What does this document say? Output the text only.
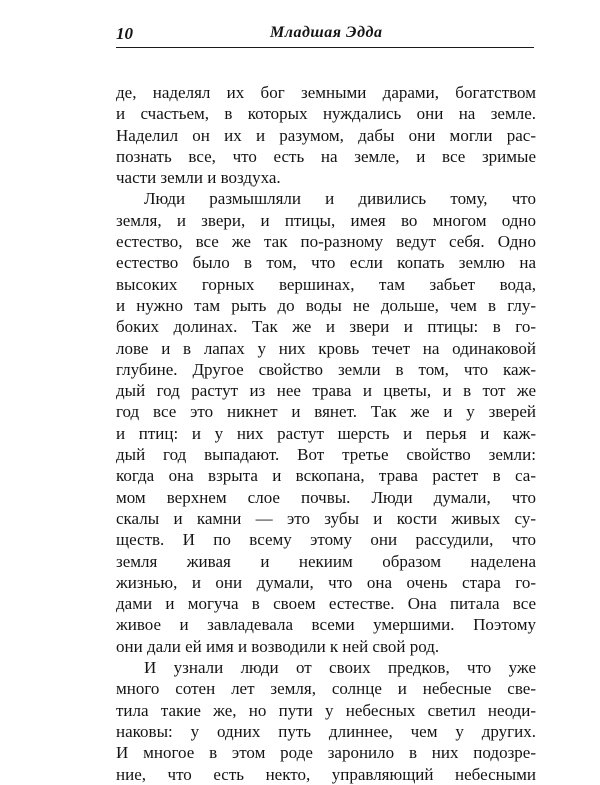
10	Младшая Эдда
де, наделял их бог земными дарами, богатством
и счастьем, в которых нуждались они на земле.
Наделил он их и разумом, дабы они могли рас-
познать все, что есть на земле, и все зримые
части земли и воздуха.
Люди размышляли и дивились тому, что
земля, и звери, и птицы, имея во многом одно
естество, все же так по-разному ведут себя. Одно
естество было в том, что если копать землю на
высоких горных вершинах, там забьет вода,
и нужно там рыть до воды не дольше, чем в глу-
боких долинах. Так же и звери и птицы: в го-
лове и в лапах у них кровь течет на одинаковой
глубине. Другое свойство земли в том, что каж-
дый год растут из нее трава и цветы, и в тот же
год все это никнет и вянет. Так же и у зверей
и птиц: и у них растут шерсть и перья и каж-
дый год выпадают. Вот третье свойство земли:
когда она взрыта и вскопана, трава растет в са-
мом верхнем слое почвы. Люди думали, что
скалы и камни — это зубы и кости живых су-
ществ. И по всему этому они рассудили, что
земля живая и некиим образом наделена
жизнью, и они думали, что она очень стара го-
дами и могуча в своем естестве. Она питала все
живое и завладевала всеми умершими. Поэтому
они дали ей имя и возводили к ней свой род.
И узнали люди от своих предков, что уже
много сотен лет земля, солнце и небесные све-
тила такие же, но пути у небесных светил неоди-
наковы: у одних путь длиннее, чем у других.
И многое в этом роде заронило в них подозре-
ние, что есть некто, управляющий небесными
